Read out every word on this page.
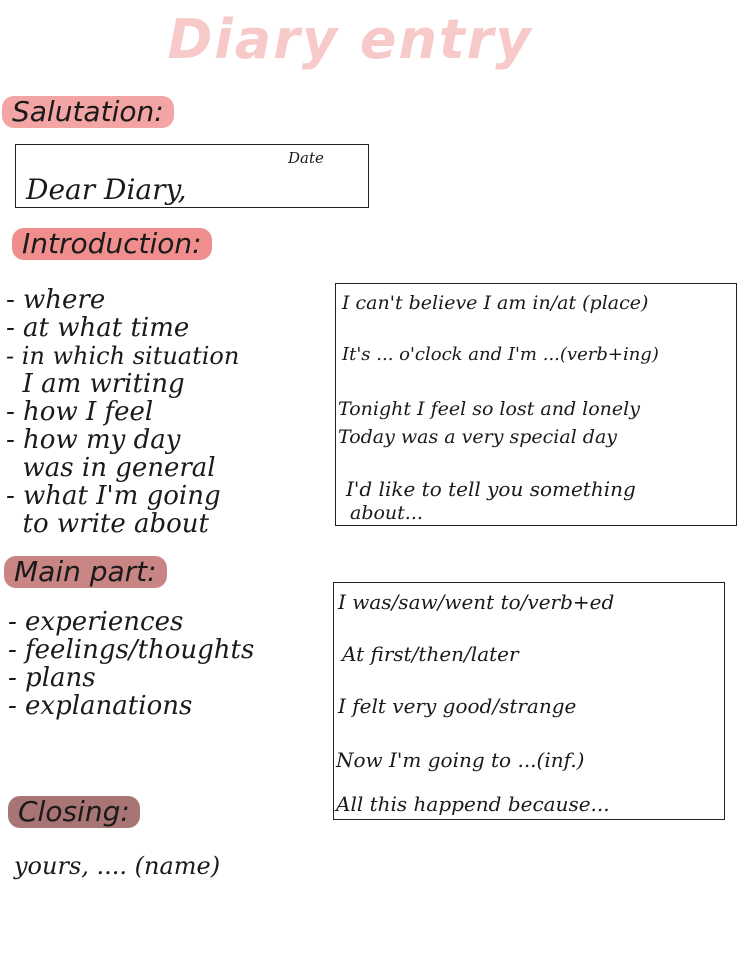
Diary entry
Salutation:
Date
Dear Diary,
Introduction:
- where
- at what time
- in which situation
I am writing
- how I feel
- how my day
was in general
- what I'm going
to write about
I can't believe I am in/at (place)
It's ... o'clock and I'm ...(verb+ing)
Tonight I feel so lost and lonely
Today was a very special day
I'd like to tell you something
about...
Main part:
- experiences
- feelings/thoughts
- plans
- explanations
I was/saw/went to/verb+ed
At first/then/later
I felt very good/strange
Now I'm going to ...(inf.)
All this happend because...
Closing:
yours, .... (name)
